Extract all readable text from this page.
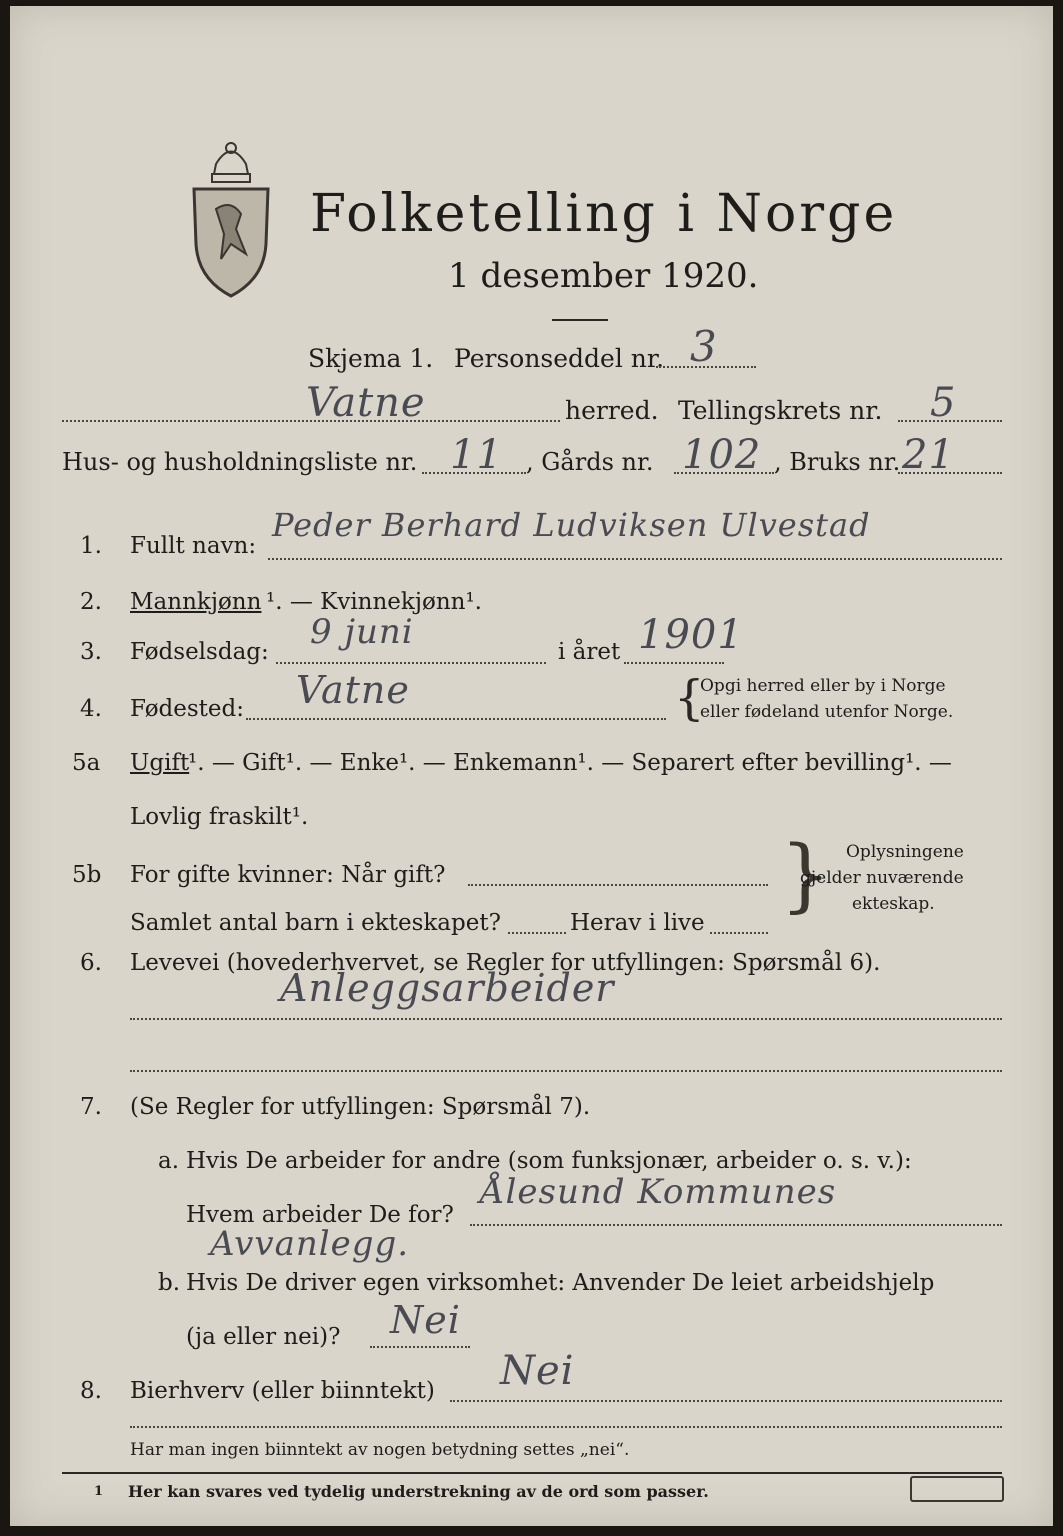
Folketelling i Norge
1 desember 1920.
Skjema 1. Personseddel nr. 3
Vatne	herred. Tellingskrets nr. 5
Hus- og husholdningsliste nr. 11 , Gårds nr. 102 , Bruks nr. 21
1. Fullt navn:
Peder Berhard Ludviksen Ulvestad
2. Mannkjønn ¹. — Kvinnekjønn¹.
3. Fødselsdag: 9 juni	i året 1901
4. Fødested: Vatne	{
Opgi herred eller by i Norge
eller fødeland utenfor Norge.
5a Ugift
¹. — Gift¹. — Enke¹. — Enkemann¹. — Separert efter bevilling¹. —
Lovlig fraskilt¹.
5b For gifte kvinner: Når gift?
Samlet antal barn i ekteskapet?	Herav i live
} Oplysningene
gjelder nuværende
ekteskap.
6. Levevei (hovederhvervet, se Regler for utfyllingen: Spørsmål 6).
Anleggsarbeider
7. (Se Regler for utfyllingen: Spørsmål 7).
a. Hvis De arbeider for andre (som funksjonær, arbeider o. s. v.):
Hvem arbeider De for?
Ålesund Kommunes
Avvanlegg.
b. Hvis De driver egen virksomhet: Anvender De leiet arbeidshjelp
(ja eller nei)? Nei
8. Bierhverv (eller biinntekt) Nei
Har man ingen biinntekt av nogen betydning settes „nei“.
1 Her kan svares ved tydelig understrekning av de ord som passer.
